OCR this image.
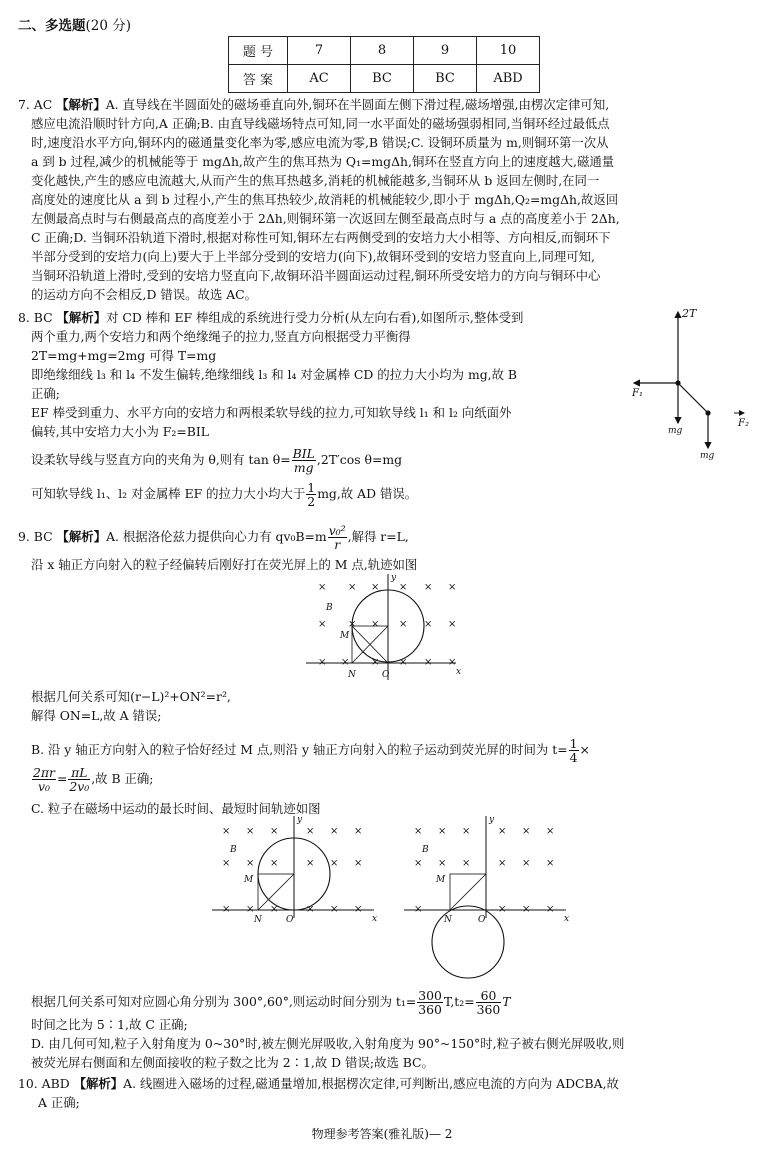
二、多选题(20 分)
题 号	7	8	9	10
答 案	AC	BC	BC	ABD
7. AC 【解析】A. 直导线在半圆面处的磁场垂直向外,铜环在半圆面左侧下滑过程,磁场增强,由楞次定律可知,
感应电流沿顺时针方向,A 正确;B. 由直导线磁场特点可知,同一水平面处的磁场强弱相同,当铜环经过最低点
时,速度沿水平方向,铜环内的磁通量变化率为零,感应电流为零,B 错误;C. 设铜环质量为 m,则铜环第一次从
a 到 b 过程,减少的机械能等于 mgΔh,故产生的焦耳热为 Q₁=mgΔh,铜环在竖直方向上的速度越大,磁通量
变化越快,产生的感应电流越大,从而产生的焦耳热越多,消耗的机械能越多,当铜环从 b 返回左侧时,在同一
高度处的速度比从 a 到 b 过程小,产生的焦耳热较少,故消耗的机械能较少,即小于 mgΔh,Q₂=mgΔh,故返回
左侧最高点时与右侧最高点的高度差小于 2Δh,则铜环第一次返回左侧至最高点时与 a 点的高度差小于 2Δh,
C 正确;D. 当铜环沿轨道下滑时,根据对称性可知,铜环左右两侧受到的安培力大小相等、方向相反,而铜环下
半部分受到的安培力(向上)要大于上半部分受到的安培力(向下),故铜环受到的安培力竖直向上,同理可知,
当铜环沿轨道上滑时,受到的安培力竖直向下,故铜环沿半圆面运动过程,铜环所受安培力的方向与铜环中心
的运动方向不会相反,D 错误。故选 AC。
8. BC 【解析】对 CD 棒和 EF 棒组成的系统进行受力分析(从左向右看),如图所示,整体受到
两个重力,两个安培力和两个绝缘绳子的拉力,竖直方向根据受力平衡得
2T=mg+mg=2mg 可得 T=mg
即绝缘细线 l₃ 和 l₄ 不发生偏转,绝缘细线 l₃ 和 l₄ 对金属棒 CD 的拉力大小均为 mg,故 B
正确;
EF 棒受到重力、水平方向的安培力和两根柔软导线的拉力,可知软导线 l₁ 和 l₂ 向纸面外
偏转,其中安培力大小为 F₂=BIL
设柔软导线与竖直方向的夹角为 θ,则有 $\tan \theta= \frac{\text{BIL}}{mg} ,2T'\cos$ θ=mg
可知软导线 l₁、l₂ 对金属棒 EF 的拉力大小均大于 $\frac{1}{2}$ mg,故 AD 错误。
2T
F₁
mg
mg
F₂
9. BC 【解析】A. 根据洛伦兹力提供向心力有 $qv_0B=m \frac{\text{v₀²}}{r}$ ,解得 r=L,
沿 x 轴正方向射入的粒子经偏转后刚好打在荧光屏上的 M 点,轨迹如图
y
x
B
M
N	O
× × × × × ×
× × × × × ×
× × × × × ×
根据几何关系可知(r−L)²+ON²=r²,
解得 ON=L,故 A 错误;
B. 沿 y 轴正方向射入的粒子恰好经过 M 点,则沿 y 轴正方向射入的粒子运动到荧光屏的时间为 $t= \frac{1}{4}$ ×
$\frac{2\pi r}{\text{v₀}} = \frac{\pi L}{\text{2v₀}}$ ,故 B 正确;
C. 粒子在磁场中运动的最长时间、最短时间轨迹如图
y
x
B
M
N	O
× × ×	× × ×
× × ×	× × ×
× × ×	× × ×
y
x
B
M
N	O
× × ×	× × ×
× × ×	× × ×
×	× × ×
根据几何关系可知对应圆心角分别为 300°,60°,则运动时间分别为 $t_1= \frac{300}{360} T,t_2= \frac{60}{360}$ T
时间之比为 5∶1,故 C 正确;
D. 由几何可知,粒子入射角度为 0~30°时,被左侧光屏吸收,入射角度为 90°~150°时,粒子被右侧光屏吸收,则
被荧光屏右侧面和左侧面接收的粒子数之比为 2∶1,故 D 错误;故选 BC。
10. ABD 【解析】A. 线圈进入磁场的过程,磁通量增加,根据楞次定律,可判断出,感应电流的方向为 ADCBA,故
A 正确;
物理参考答案(雅礼版)— 2
